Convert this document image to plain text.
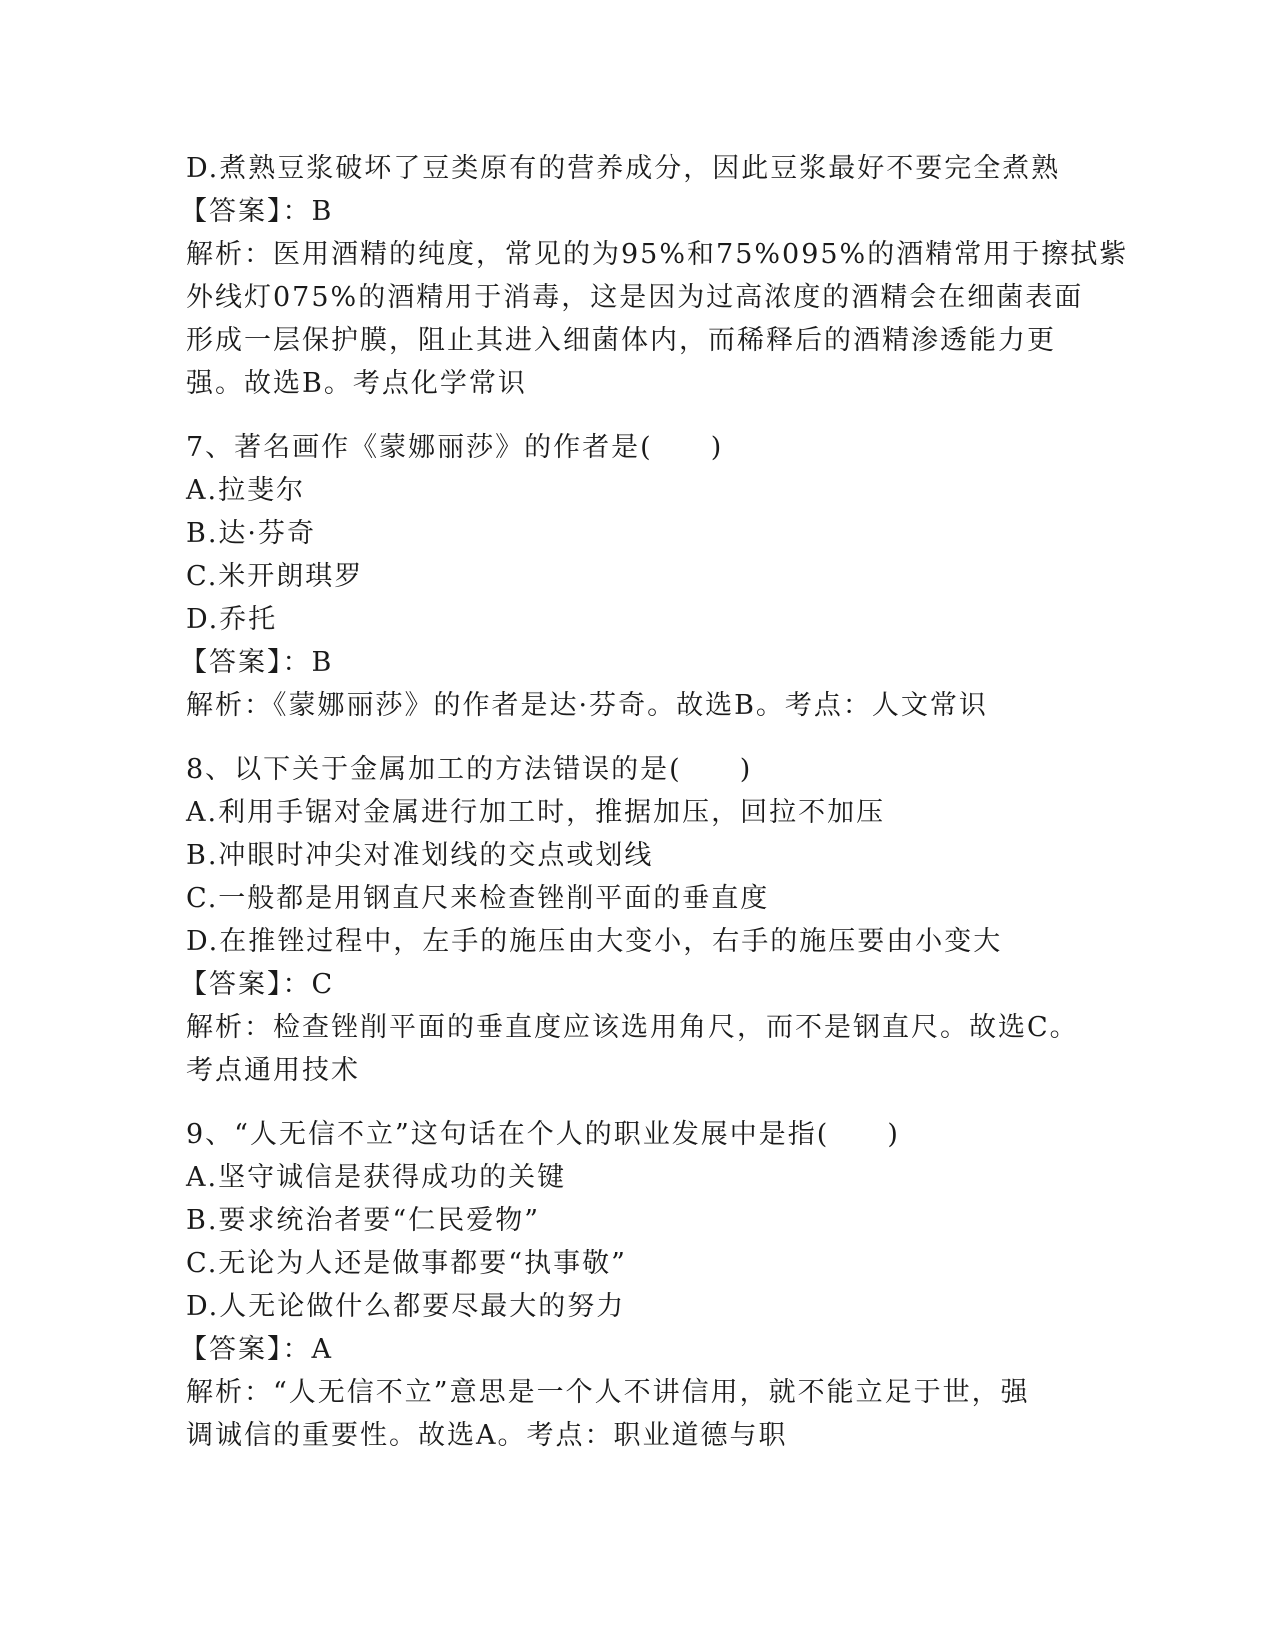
D.煮熟豆浆破坏了豆类原有的营养成分，因此豆浆最好不要完全煮熟

【答案】：B

解析：医用酒精的纯度，常见的为95%和75%095%的酒精常用于擦拭紫

外线灯075%的酒精用于消毒，这是因为过高浓度的酒精会在细菌表面

形成一层保护膜，阻止其进入细菌体内，而稀释后的酒精渗透能力更

强。故选B。考点化学常识

7、著名画作《蒙娜丽莎》的作者是(　　)

A.拉斐尔

B.达·芬奇

C.米开朗琪罗

D.乔托

【答案】：B

解析：《蒙娜丽莎》的作者是达·芬奇。故选B。考点：人文常识

8、以下关于金属加工的方法错误的是(　　)

A.利用手锯对金属进行加工时，推据加压，回拉不加压

B.冲眼时冲尖对准划线的交点或划线

C.一般都是用钢直尺来检查锉削平面的垂直度

D.在推锉过程中，左手的施压由大变小，右手的施压要由小变大

【答案】：C

解析：检查锉削平面的垂直度应该选用角尺，而不是钢直尺。故选C。

考点通用技术

9、“人无信不立”这句话在个人的职业发展中是指(　　)

A.坚守诚信是获得成功的关键

B.要求统治者要“仁民爱物”

C.无论为人还是做事都要“执事敬”

D.人无论做什么都要尽最大的努力

【答案】：A

解析：“人无信不立”意思是一个人不讲信用，就不能立足于世，强

调诚信的重要性。故选A。考点：职业道德与职
